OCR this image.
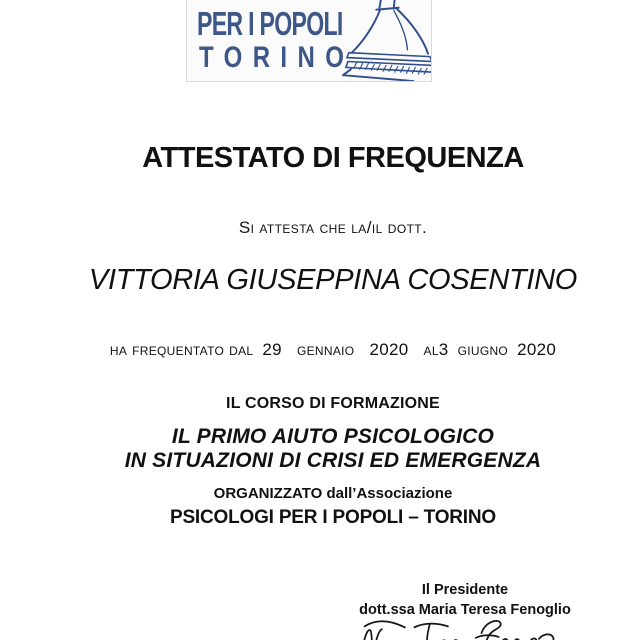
PER I POPOLI
TORINO
ATTESTATO DI FREQUENZA
Si attesta che la/il dott.
VITTORIA GIUSEPPINA COSENTINO
ha frequentato dal 29 gennaio 2020 al3 giugno 2020
IL CORSO DI FORMAZIONE
IL PRIMO AIUTO PSICOLOGICO
IN SITUAZIONI DI CRISI ED EMERGENZA
ORGANIZZATO dall’Associazione
PSICOLOGI PER I POPOLI – TORINO
Il Presidente
dott.ssa Maria Teresa Fenoglio
